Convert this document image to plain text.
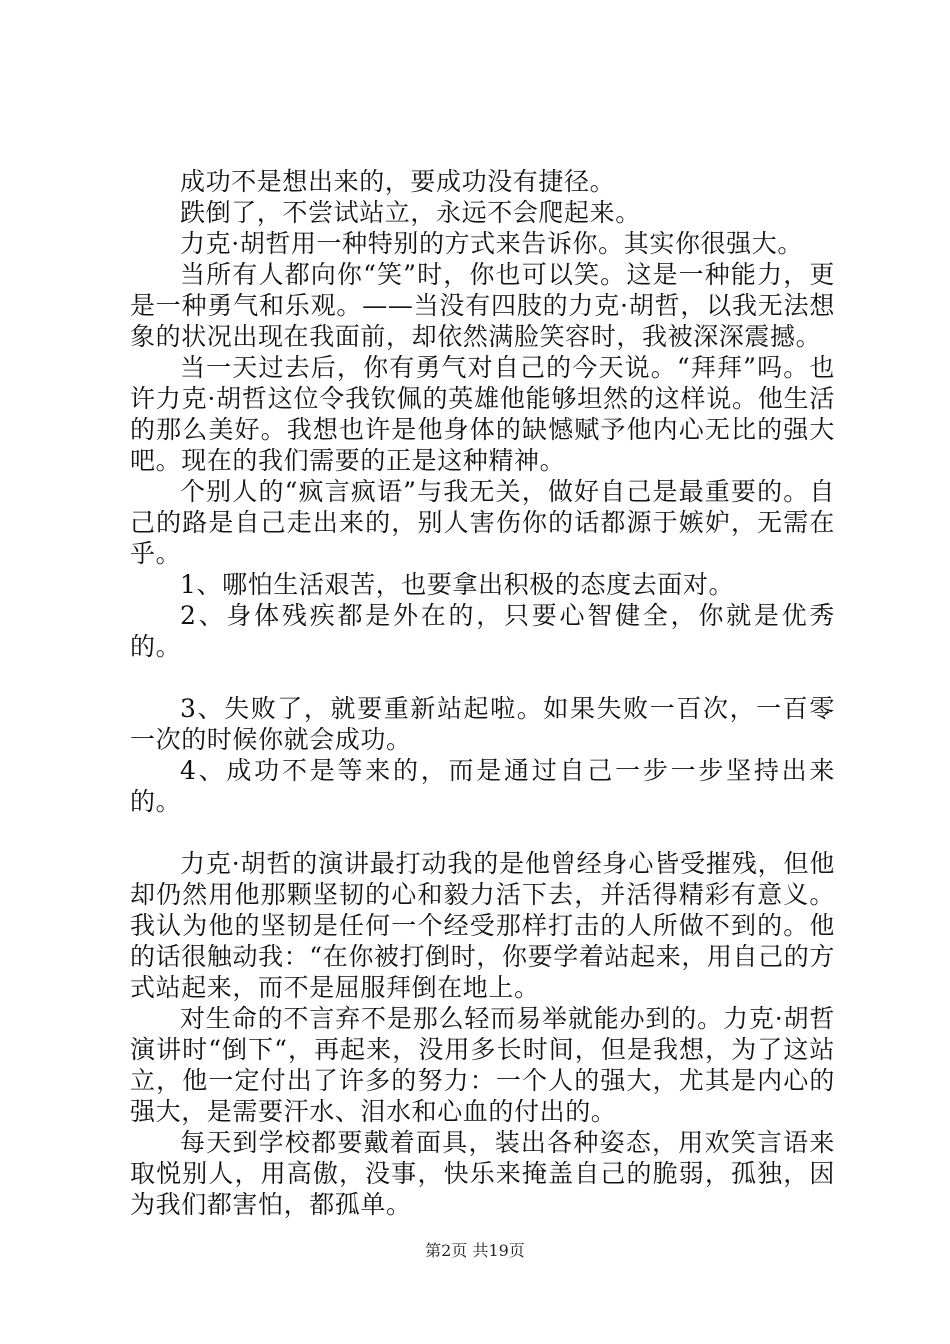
成功不是想出来的，要成功没有捷径。

跌倒了，不尝试站立，永远不会爬起来。

力克·胡哲用一种特别的方式来告诉你。其实你很强大。

当所有人都向你“笑”时，你也可以笑。这是一种能力，更是一种勇气和乐观。——当没有四肢的力克·胡哲，以我无法想象的状况出现在我面前，却依然满脸笑容时，我被深深震撼。

当一天过去后，你有勇气对自己的今天说。“拜拜”吗。也许力克·胡哲这位令我钦佩的英雄他能够坦然的这样说。他生活的那么美好。我想也许是他身体的缺憾赋予他内心无比的强大吧。现在的我们需要的正是这种精神。

个别人的“疯言疯语”与我无关，做好自己是最重要的。自己的路是自己走出来的，别人害伤你的话都源于嫉妒，无需在乎。

1、哪怕生活艰苦，也要拿出积极的态度去面对。

2、身体残疾都是外在的，只要心智健全，你就是优秀的。

3、失败了，就要重新站起啦。如果失败一百次，一百零一次的时候你就会成功。

4、成功不是等来的，而是通过自己一步一步坚持出来的。

力克·胡哲的演讲最打动我的是他曾经身心皆受摧残，但他却仍然用他那颗坚韧的心和毅力活下去，并活得精彩有意义。我认为他的坚韧是任何一个经受那样打击的人所做不到的。他的话很触动我：“在你被打倒时，你要学着站起来，用自己的方式站起来，而不是屈服拜倒在地上。

对生命的不言弃不是那么轻而易举就能办到的。力克·胡哲演讲时“倒下“，再起来，没用多长时间，但是我想，为了这站立，他一定付出了许多的努力：一个人的强大，尤其是内心的强大，是需要汗水、泪水和心血的付出的。

每天到学校都要戴着面具，装出各种姿态，用欢笑言语来取悦别人，用高傲，没事，快乐来掩盖自己的脆弱，孤独，因为我们都害怕，都孤单。

第2页 共19页
